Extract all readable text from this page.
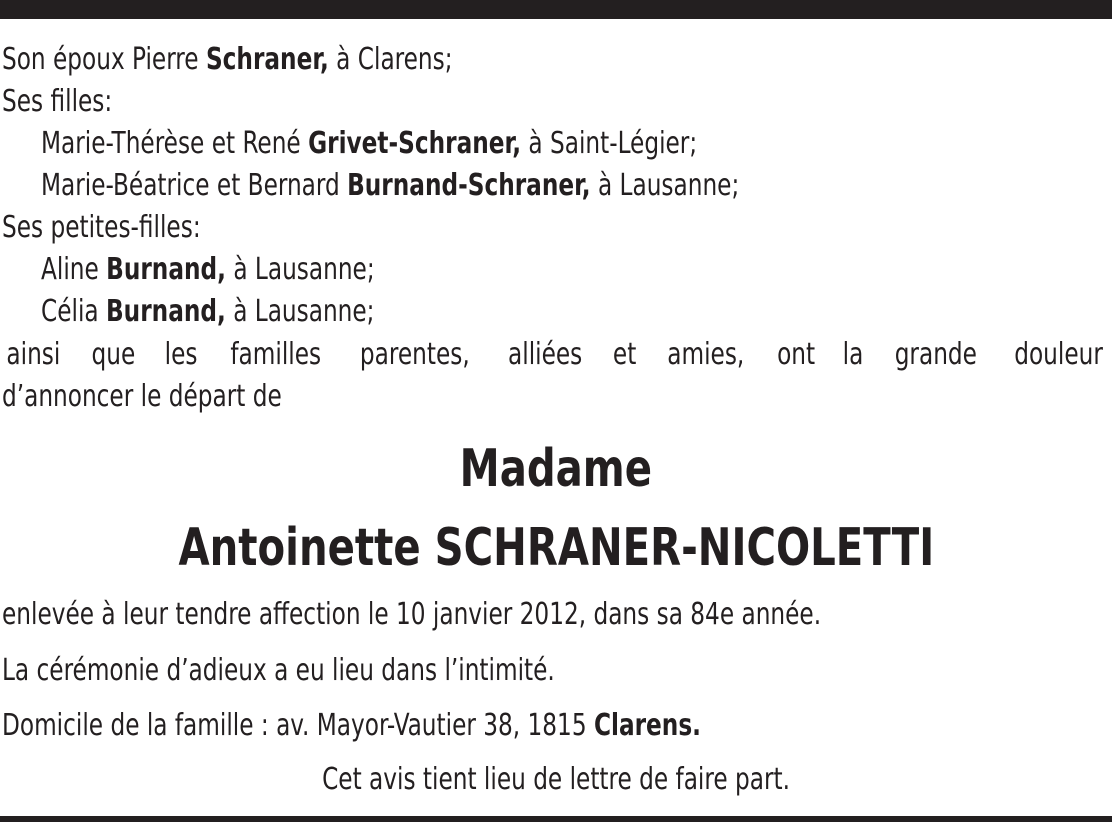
Son époux Pierre Schraner, à Clarens;
Ses filles:
Marie-Thérèse et René Grivet-Schraner, à Saint-Légier;
Marie-Béatrice et Bernard Burnand-Schraner, à Lausanne;
Ses petites-filles:
Aline Burnand, à Lausanne;
Célia Burnand, à Lausanne;
ainsi que les familles parentes, alliées et amies, ont la grande douleur
d’annoncer le départ de
Madame
Antoinette SCHRANER-NICOLETTI
enlevée à leur tendre affection le 10 janvier 2012, dans sa 84e année.
La cérémonie d’adieux a eu lieu dans l’intimité.
Domicile de la famille : av. Mayor-Vautier 38, 1815 Clarens.
Cet avis tient lieu de lettre de faire part.
